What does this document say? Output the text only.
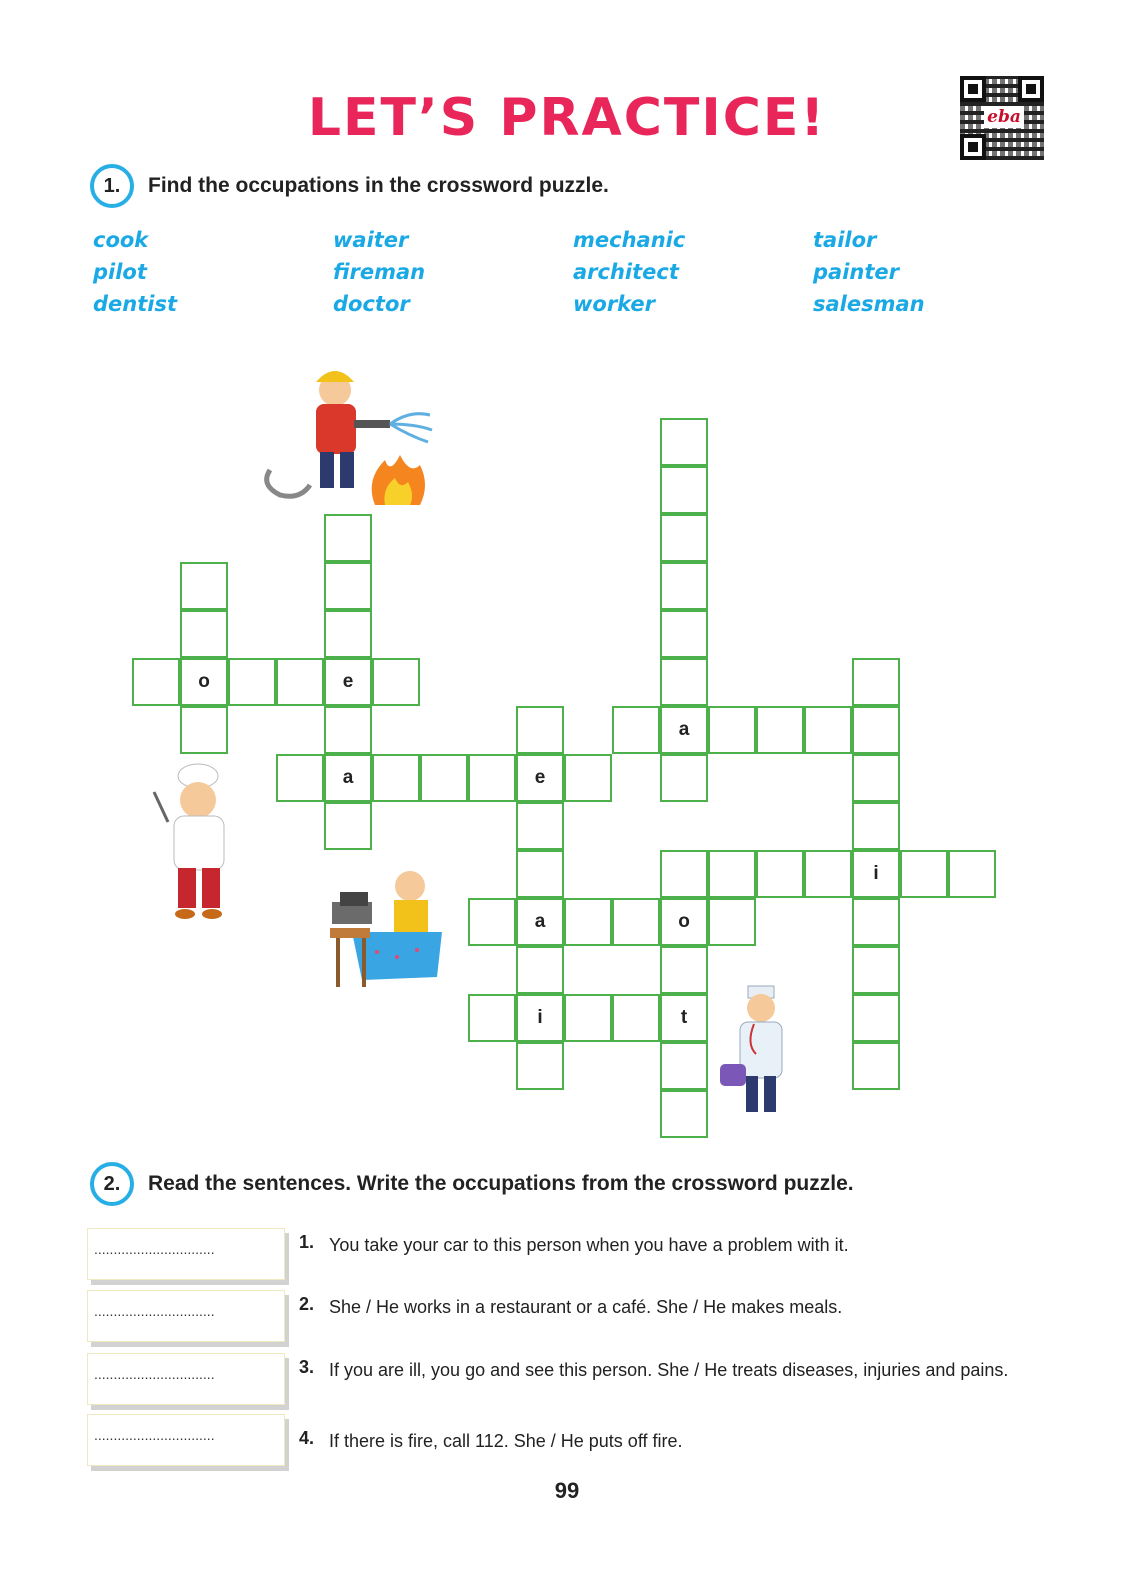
LET’S PRACTICE!	eba
1.	Find the occupations in the crossword puzzle.
cook	waiter	mechanic	tailor
pilot	fireman	architect	painter
dentist	doctor	worker	salesman
o	e
a	e
a
i
a	o
i	t
2.	Read the sentences. Write the occupations from the crossword puzzle.
...............................	1. You take your car to this person when you have a problem with it.
...............................	2. She / He works in a restaurant or a café. She / He makes meals.
...............................	3. If you are ill, you go and see this person. She / He treats diseases, injuries and pains.
...............................	4. If there is fire, call 112. She / He puts off fire.
99
